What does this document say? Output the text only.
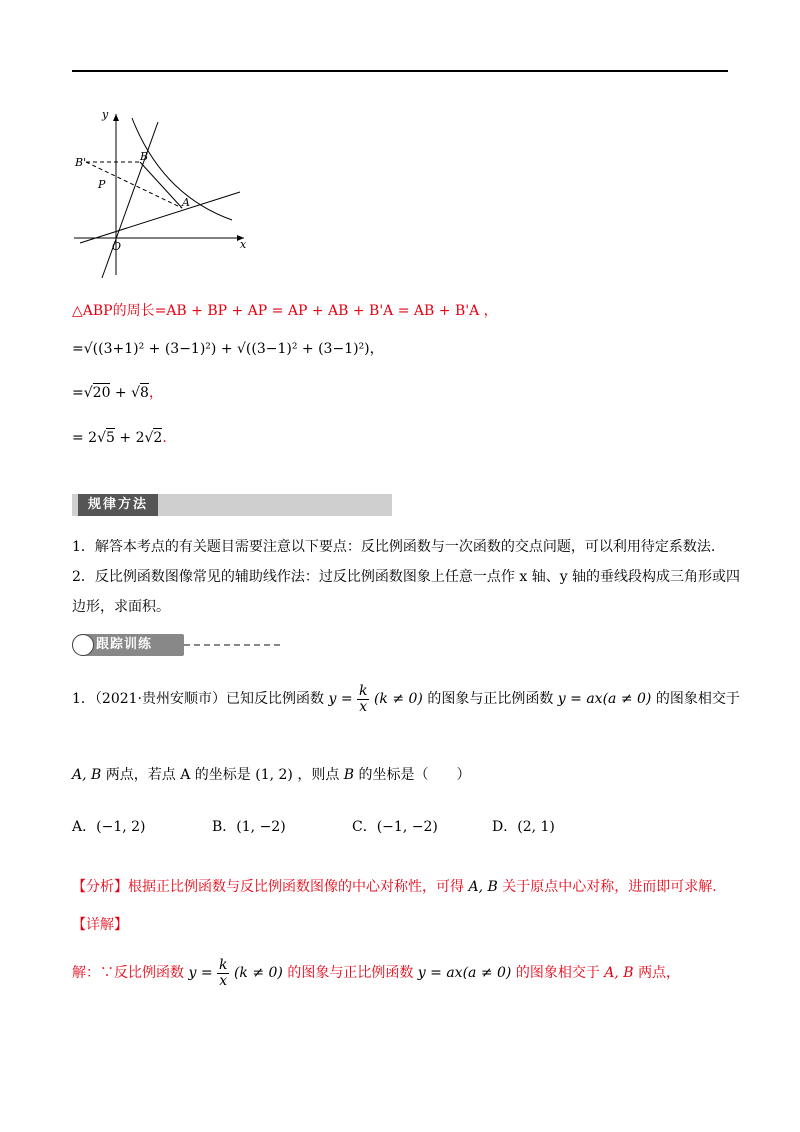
y
x
O
B'	B
P
A
△ABP的周长=AB + BP + AP = AP + AB + B'A = AB + B'A ，
=√((3+1)² + (3−1)²) + √((3−1)² + (3−1)²)，
=√20 + √8，
= 2√5 + 2√2.
规律方法
1．解答本考点的有关题目需要注意以下要点：反比例函数与一次函数的交点问题，可以利用待定系数法.
2．反比例函数图像常见的辅助线作法：过反比例函数图象上任意一点作 x 轴、y 轴的垂线段构成三角形或四
边形，求面积。
跟踪训练
1．（2021·贵州安顺市）已知反比例函数 $y = \frac{k}{x} (k \ne 0)$ 的图象与正比例函数 y = ax(a ≠ 0) 的图象相交于
A, B 两点，若点 A 的坐标是 (1, 2) ，则点 B 的坐标是（　　）
A．(−1, 2)	B．(1, −2)	C．(−1, −2)	D．(2, 1)
【分析】根据正比例函数与反比例函数图像的中心对称性，可得 A, B 关于原点中心对称，进而即可求解.
【详解】
解：∵反比例函数 $y = \frac{k}{x} (k \ne 0)$ 的图象与正比例函数 y = ax(a ≠ 0) 的图象相交于 A, B 两点，
